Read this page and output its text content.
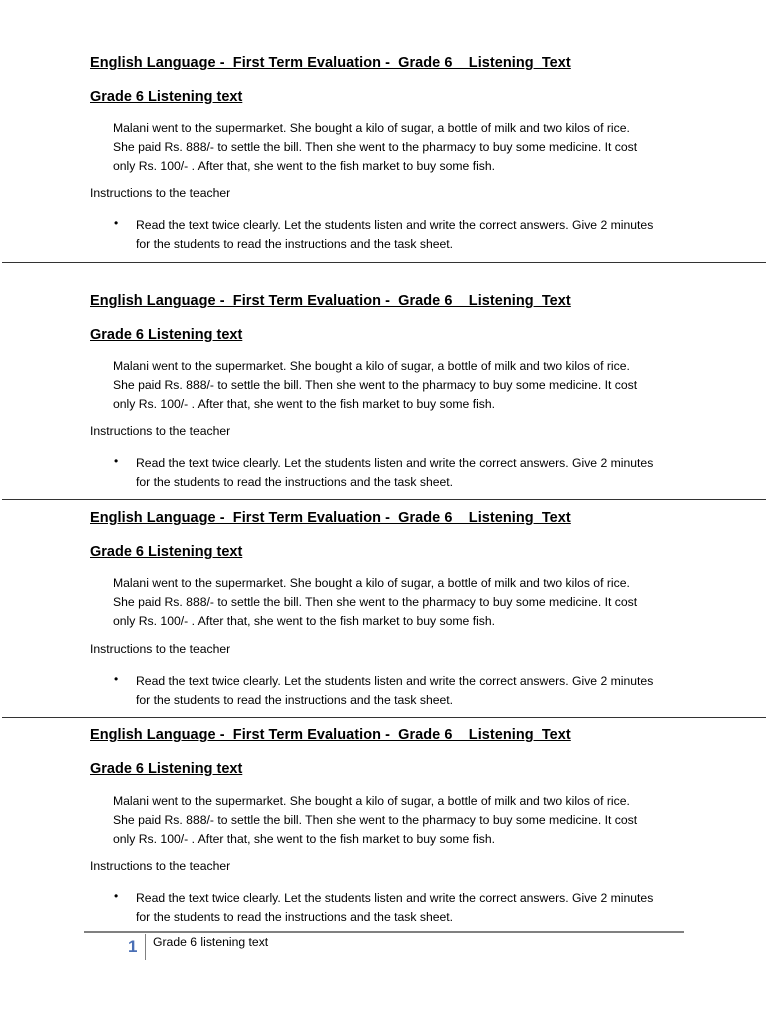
English Language -  First Term Evaluation -  Grade 6    Listening  Text
Grade 6 Listening text
Malani went to the supermarket. She bought a kilo of sugar, a bottle of milk and two kilos of rice.
She paid Rs. 888/- to settle the bill. Then she went to the pharmacy to buy some medicine. It cost
only Rs. 100/- . After that, she went to the fish market to buy some fish.
Instructions to the teacher
• Read the text twice clearly. Let the students listen and write the correct answers. Give 2 minutes
for the students to read the instructions and the task sheet.
English Language -  First Term Evaluation -  Grade 6    Listening  Text
Grade 6 Listening text
Malani went to the supermarket. She bought a kilo of sugar, a bottle of milk and two kilos of rice.
She paid Rs. 888/- to settle the bill. Then she went to the pharmacy to buy some medicine. It cost
only Rs. 100/- . After that, she went to the fish market to buy some fish.
Instructions to the teacher
• Read the text twice clearly. Let the students listen and write the correct answers. Give 2 minutes
for the students to read the instructions and the task sheet.
English Language -  First Term Evaluation -  Grade 6    Listening  Text
Grade 6 Listening text
Malani went to the supermarket. She bought a kilo of sugar, a bottle of milk and two kilos of rice.
She paid Rs. 888/- to settle the bill. Then she went to the pharmacy to buy some medicine. It cost
only Rs. 100/- . After that, she went to the fish market to buy some fish.
Instructions to the teacher
• Read the text twice clearly. Let the students listen and write the correct answers. Give 2 minutes
for the students to read the instructions and the task sheet.
English Language -  First Term Evaluation -  Grade 6    Listening  Text
Grade 6 Listening text
Malani went to the supermarket. She bought a kilo of sugar, a bottle of milk and two kilos of rice.
She paid Rs. 888/- to settle the bill. Then she went to the pharmacy to buy some medicine. It cost
only Rs. 100/- . After that, she went to the fish market to buy some fish.
Instructions to the teacher
• Read the text twice clearly. Let the students listen and write the correct answers. Give 2 minutes
for the students to read the instructions and the task sheet.
1 Grade 6 listening text
